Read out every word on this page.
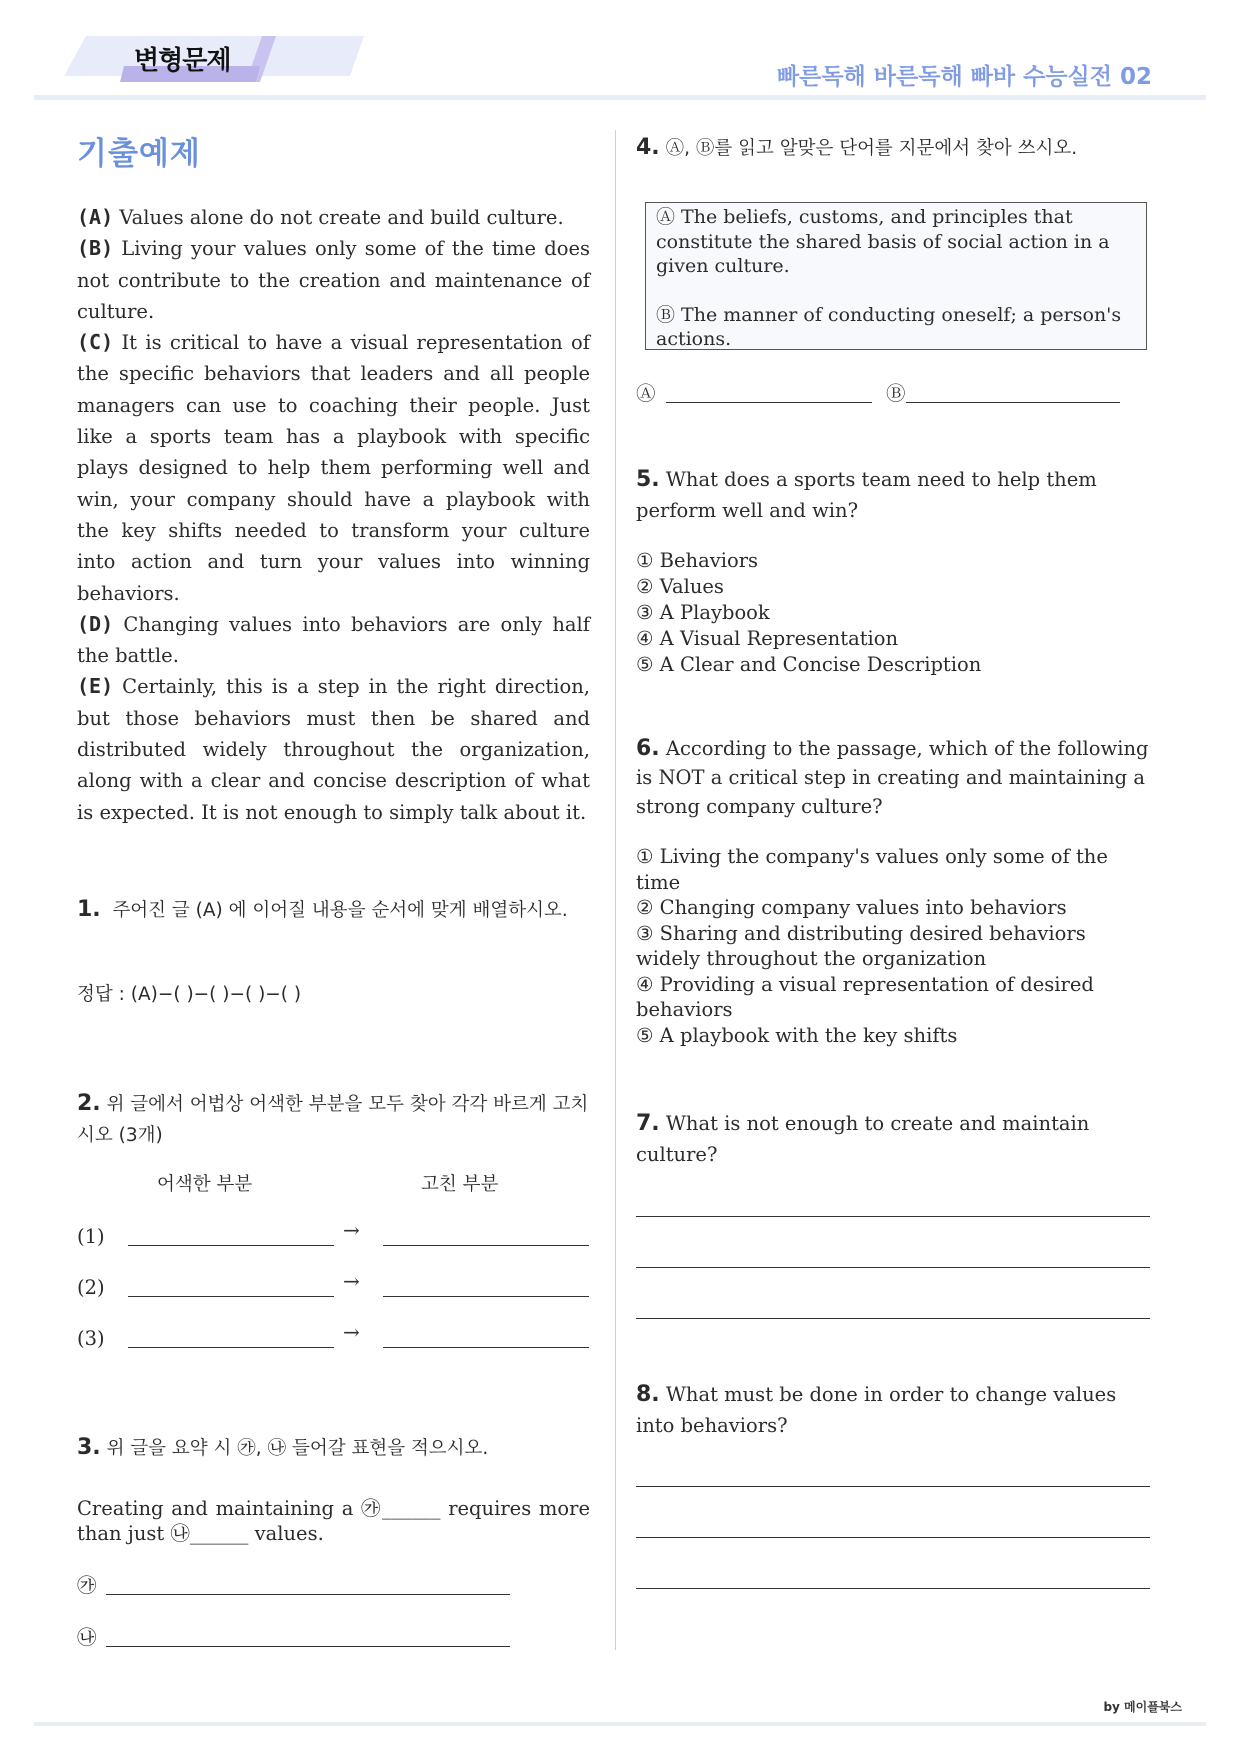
변형문제
빠른독해 바른독해 빠바 수능실전 02
기출예제

(A) Values alone do not create and build culture.

(B) Living your values only some of the time does not contribute to the creation and maintenance of culture.

(C) It is critical to have a visual representation of the specific behaviors that leaders and all people managers can use to coaching their people. Just like a sports team has a playbook with specific plays designed to help them performing well and win, your company should have a playbook with the key shifts needed to transform your culture into action and turn your values into winning behaviors.

(D) Changing values into behaviors are only half the battle.

(E) Certainly, this is a step in the right direction, but those behaviors must then be shared and distributed widely throughout the organization, along with a clear and concise description of what is expected. It is not enough to simply talk about it.

1. 주어진 글 (A) 에 이어질 내용을 순서에 맞게 배열하시오.
정답 : (A)−( )−( )−( )−( )
2. 위 글에서 어법상 어색한 부분을 모두 찾아 각각 바르게 고치시오 (3개)
어색한 부분	고친 부분
(1)	→
(2)	→
(3)	→
3. 위 글을 요약 시 ㉮, ㉯ 들어갈 표현을 적으시오.
Creating and maintaining a ㉮______ requires more
than just ㉯______ values.
㉮
㉯
4. Ⓐ, Ⓑ를 읽고 알맞은 단어를 지문에서 찾아 쓰시오.
Ⓐ The beliefs, customs, and principles that constitute the shared basis of social action in a given culture.
Ⓑ The manner of conducting oneself; a person's actions.
Ⓐ	Ⓑ
5. What does a sports team need to help them perform well and win?
① Behaviors
② Values
③ A Playbook
④ A Visual Representation
⑤ A Clear and Concise Description
6. According to the passage, which of the following is NOT a critical step in creating and maintaining a strong company culture?
① Living the company's values only some of the time
② Changing company values into behaviors
③ Sharing and distributing desired behaviors widely throughout the organization
④ Providing a visual representation of desired behaviors
⑤ A playbook with the key shifts
7. What is not enough to create and maintain culture?
8. What must be done in order to change values into behaviors?
by 메이플북스
